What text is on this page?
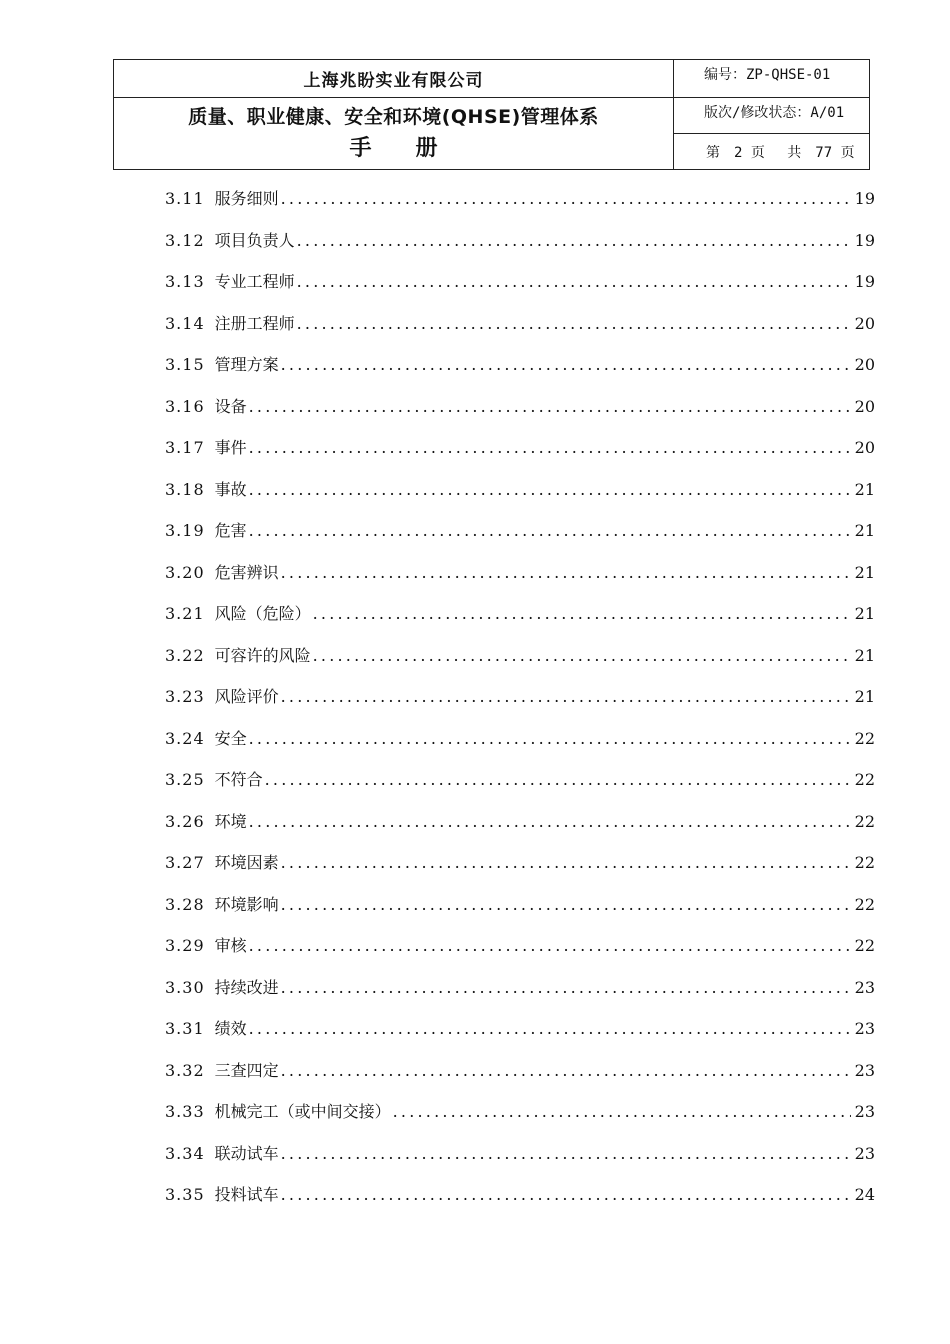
上海兆盼实业有限公司
质量、职业健康、安全和环境(QHSE)管理体系
手　　册
编号：ZP-QHSE-01
版次/修改状态：A/01
第　2 页　 共　77 页
3.11 服务细则 .....	19
3.12 项目负责人 .....	19
3.13 专业工程师 .....	19
3.14 注册工程师 .....	20
3.15 管理方案 .....	20
3.16 设备 .....	20
3.17 事件 .....	20
3.18 事故 .....	21
3.19 危害 .....	21
3.20 危害辨识 .....	21
3.21 风险（危险） .....	21
3.22 可容许的风险 .....	21
3.23 风险评价 .....	21
3.24 安全 .....	22
3.25 不符合 .....	22
3.26 环境 .....	22
3.27 环境因素 .....	22
3.28 环境影响 .....	22
3.29 审核 .....	22
3.30 持续改进 .....	23
3.31 绩效 .....	23
3.32 三查四定 .....	23
3.33 机械完工（或中间交接） .....	23
3.34 联动试车 .....	23
3.35 投料试车 .....	24
